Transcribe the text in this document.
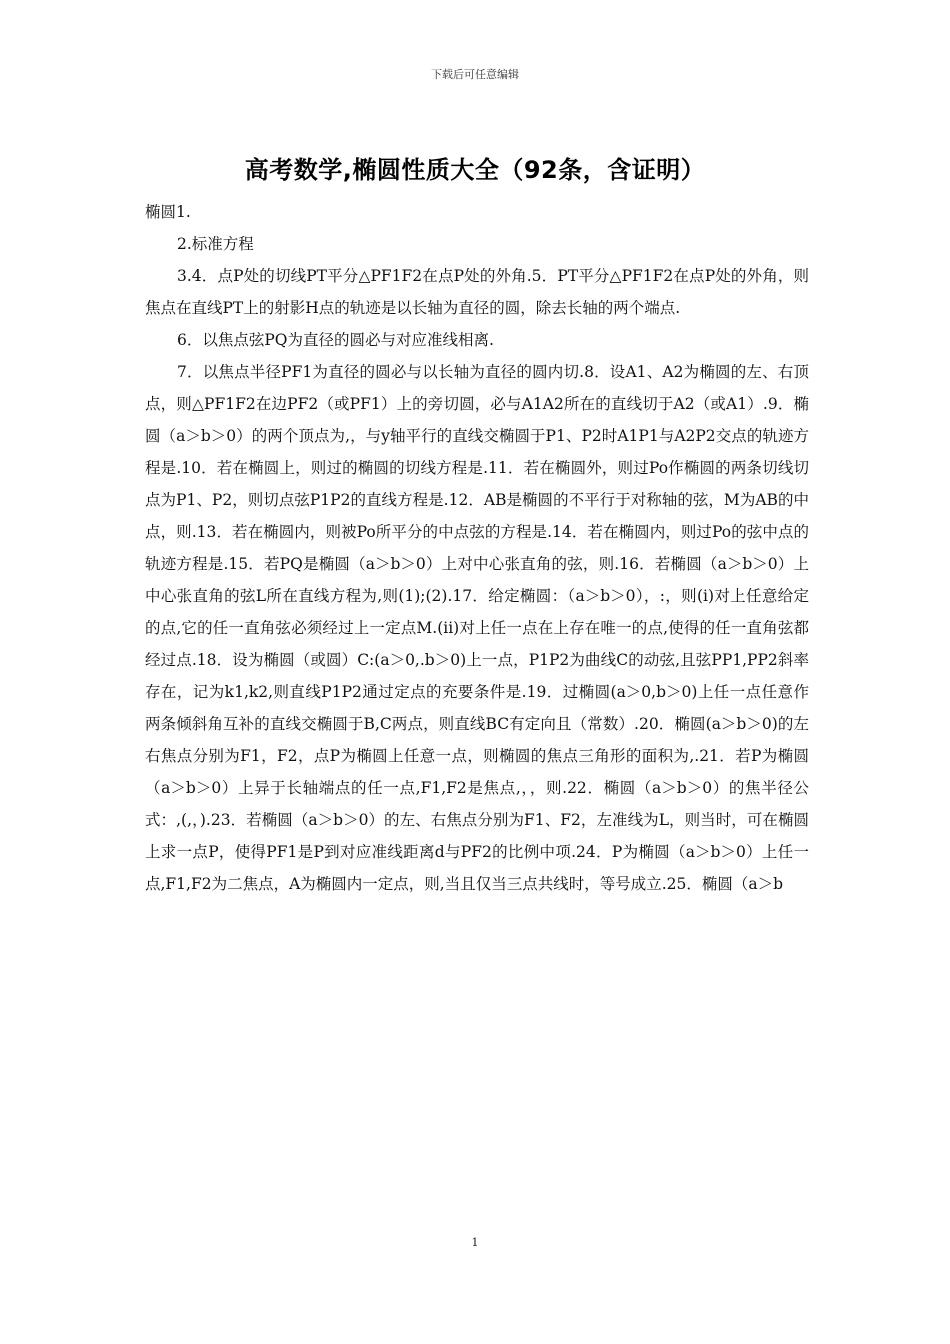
下载后可任意编辑
高考数学,椭圆性质大全（92条，含证明）

椭圆1.

2.标准方程

3.4．点P处的切线PT平分△PF1F2在点P处的外角.5．PT平分△PF1F2在点P处的外角，则焦点在直线PT上的射影H点的轨迹是以长轴为直径的圆，除去长轴的两个端点.

6．以焦点弦PQ为直径的圆必与对应准线相离.

7．以焦点半径PF1为直径的圆必与以长轴为直径的圆内切.8．设A1、A2为椭圆的左、右顶点，则△PF1F2在边PF2（或PF1）上的旁切圆，必与A1A2所在的直线切于A2（或A1）.9．椭圆（a＞b＞0）的两个顶点为,，与y轴平行的直线交椭圆于P1、P2时A1P1与A2P2交点的轨迹方程是.10．若在椭圆上，则过的椭圆的切线方程是.11．若在椭圆外，则过Po作椭圆的两条切线切点为P1、P2，则切点弦P1P2的直线方程是.12．AB是椭圆的不平行于对称轴的弦，M为AB的中点，则.13．若在椭圆内，则被Po所平分的中点弦的方程是.14．若在椭圆内，则过Po的弦中点的轨迹方程是.15．若PQ是椭圆（a＞b＞0）上对中心张直角的弦，则.16．若椭圆（a＞b＞0）上中心张直角的弦L所在直线方程为,则(1);(2).17．给定椭圆：（a＞b＞0），:，则(i)对上任意给定的点,它的任一直角弦必须经过上一定点M.(ii)对上任一点在上存在唯一的点,使得的任一直角弦都经过点.18．设为椭圆（或圆）C:(a＞0,.b＞0)上一点，P1P2为曲线C的动弦,且弦PP1,PP2斜率存在，记为k1,k2,则直线P1P2通过定点的充要条件是.19．过椭圆(a＞0,b＞0)上任一点任意作两条倾斜角互补的直线交椭圆于B,C两点，则直线BC有定向且（常数）.20．椭圆(a＞b＞0)的左右焦点分别为F1，F2，点P为椭圆上任意一点，则椭圆的焦点三角形的面积为,.21．若P为椭圆（a＞b＞0）上异于长轴端点的任一点,F1,F2是焦点,，，则.22．椭圆（a＞b＞0）的焦半径公式：,(,，).23．若椭圆（a＞b＞0）的左、右焦点分别为F1、F2，左准线为L，则当时，可在椭圆上求一点P，使得PF1是P到对应准线距离d与PF2的比例中项.24．P为椭圆（a＞b＞0）上任一点,F1,F2为二焦点，A为椭圆内一定点，则,当且仅当三点共线时，等号成立.25．椭圆（a＞b

1
